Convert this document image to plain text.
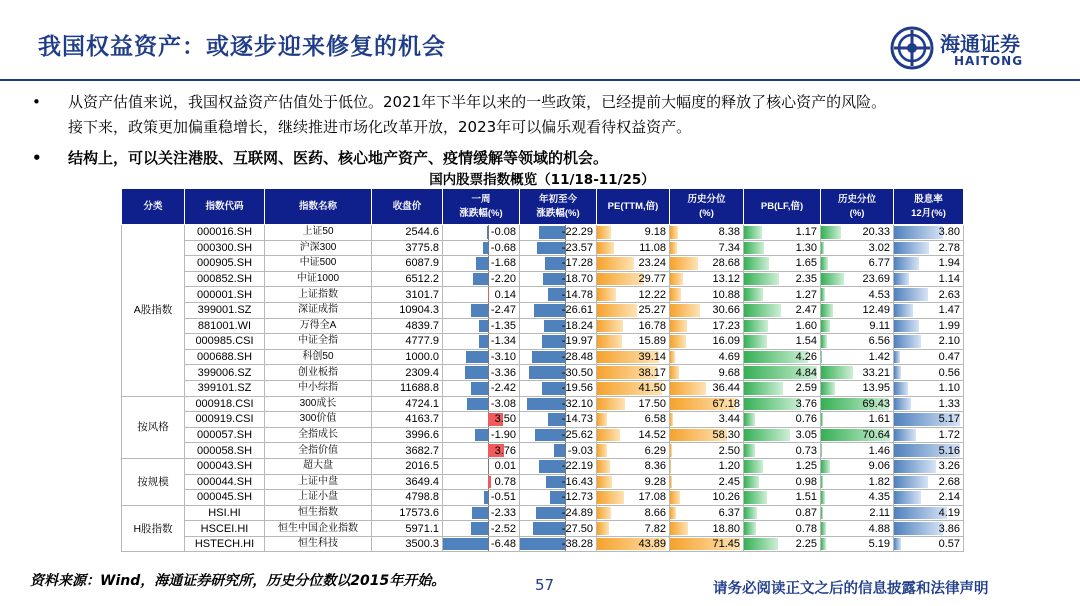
我国权益资产：或逐步迎来修复的机会	海通证券
HAITONG
• 从资产估值来说，我国权益资产估值处于低位。2021年下半年以来的一些政策，已经提前大幅度的释放了核心资产的风险。
接下来，政策更加偏重稳增长，继续推进市场化改革开放，2023年可以偏乐观看待权益资产。
• 结构上，可以关注港股、互联网、医药、核心地产资产、疫情缓解等领域的机会。
国内股票指数概览（11/18-11/25）
分类	指数代码	指数名称	收盘价	一周
涨跌幅(%)	年初至今
涨跌幅(%)	PE(TTM,倍)	历史分位
(%)	PB(LF,倍)	历史分位
(%)	股息率
12月(%)
A股指数	000016.SH	上证50	2544.6	-0.08	-22.29	9.18	8.38	1.17	20.33	3.80
	000300.SH	沪深300	3775.8	-0.68	-23.57	11.08	7.34	1.30	3.02	2.78
	000905.SH	中证500	6087.9	-1.68	-17.28	23.24	28.68	1.65	6.77	1.94
	000852.SH	中证1000	6512.2	-2.20	-18.70	29.77	13.12	2.35	23.69	1.14
	000001.SH	上证指数	3101.7	0.14	-14.78	12.22	10.88	1.27	4.53	2.63
	399001.SZ	深证成指	10904.3	-2.47	-26.61	25.27	30.66	2.47	12.49	1.47
	881001.WI	万得全A	4839.7	-1.35	-18.24	16.78	17.23	1.60	9.11	1.99
	000985.CSI	中证全指	4777.9	-1.34	-19.97	15.89	16.09	1.54	6.56	2.10
	000688.SH	科创50	1000.0	-3.10	-28.48	39.14	4.69	4.26	1.42	0.47
	399006.SZ	创业板指	2309.4	-3.36	-30.50	38.17	9.68	4.84	33.21	0.56
	399101.SZ	中小综指	11688.8	-2.42	-19.56	41.50	36.44	2.59	13.95	1.10
按风格	000918.CSI	300成长	4724.1	-3.08	-32.10	17.50	67.18	3.76	69.43	1.33
	000919.CSI	300价值	4163.7	3.50	-14.73	6.58	3.44	0.76	1.61	5.17
	000057.SH	全指成长	3996.6	-1.90	-25.62	14.52	58.30	3.05	70.64	1.72
	000058.SH	全指价值	3682.7	3.76	-9.03	6.29	2.50	0.73	1.46	5.16
按规模	000043.SH	超大盘	2016.5	0.01	-22.19	8.36	1.20	1.25	9.06	3.26
	000044.SH	上证中盘	3649.4	0.78	-16.43	9.28	2.45	0.98	1.82	2.68
	000045.SH	上证小盘	4798.8	-0.51	-12.73	17.08	10.26	1.51	4.35	2.14
H股指数	HSI.HI	恒生指数	17573.6	-2.33	-24.89	8.66	6.37	0.87	2.11	4.19
	HSCEI.HI	恒生中国企业指数	5971.1	-2.52	-27.50	7.82	18.80	0.78	4.88	3.86
	HSTECH.HI	恒生科技	3500.3	-6.48	-38.28	43.89	71.45	2.25	5.19	0.57
资料来源：Wind，海通证券研究所，历史分位数以2015年开始。	57	请务必阅读正文之后的信息披露和法律声明
